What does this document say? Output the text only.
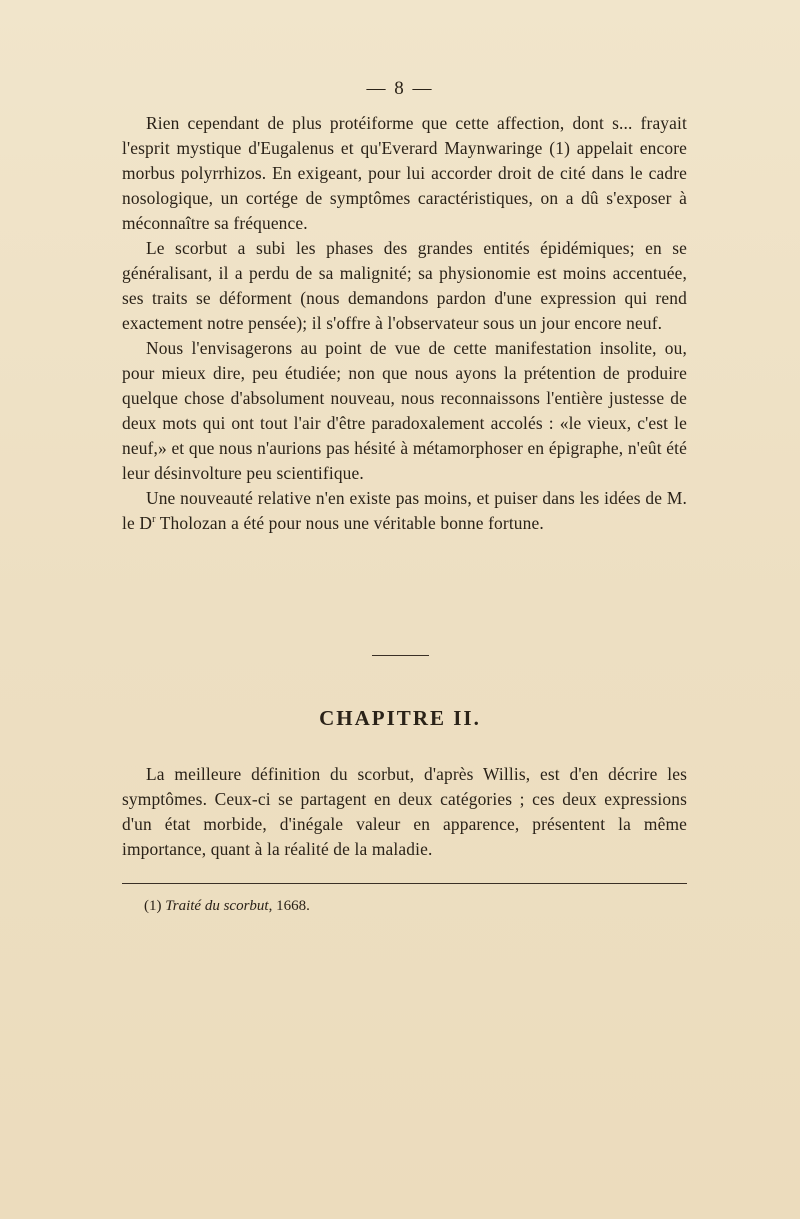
— 8 —

Rien cependant de plus protéiforme que cette affection, dont s... frayait l'esprit mystique d'Eugalenus et qu'Everard Maynwaringe (1) appelait encore morbus polyrrhizos. En exigeant, pour lui accorder droit de cité dans le cadre nosologique, un cortége de symptômes caractéristiques, on a dû s'exposer à méconnaître sa fréquence.

Le scorbut a subi les phases des grandes entités épidémiques; en se généralisant, il a perdu de sa malignité; sa physionomie est moins accentuée, ses traits se déforment (nous demandons pardon d'une expression qui rend exactement notre pensée); il s'offre à l'observateur sous un jour encore neuf.

Nous l'envisagerons au point de vue de cette manifestation insolite, ou, pour mieux dire, peu étudiée; non que nous ayons la prétention de produire quelque chose d'absolument nouveau, nous reconnaissons l'entière justesse de deux mots qui ont tout l'air d'être paradoxalement accolés : «le vieux, c'est le neuf,» et que nous n'aurions pas hésité à métamorphoser en épigraphe, n'eût été leur désinvolture peu scientifique.

Une nouveauté relative n'en existe pas moins, et puiser dans les idées de M. le $D^r$ Tholozan a été pour nous une véritable bonne fortune.

CHAPITRE II.

La meilleure définition du scorbut, d'après Willis, est d'en décrire les symptômes. Ceux-ci se partagent en deux catégories ; ces deux expressions d'un état morbide, d'inégale valeur en apparence, présentent la même importance, quant à la réalité de la maladie.

(1) Traité du scorbut, 1668.
